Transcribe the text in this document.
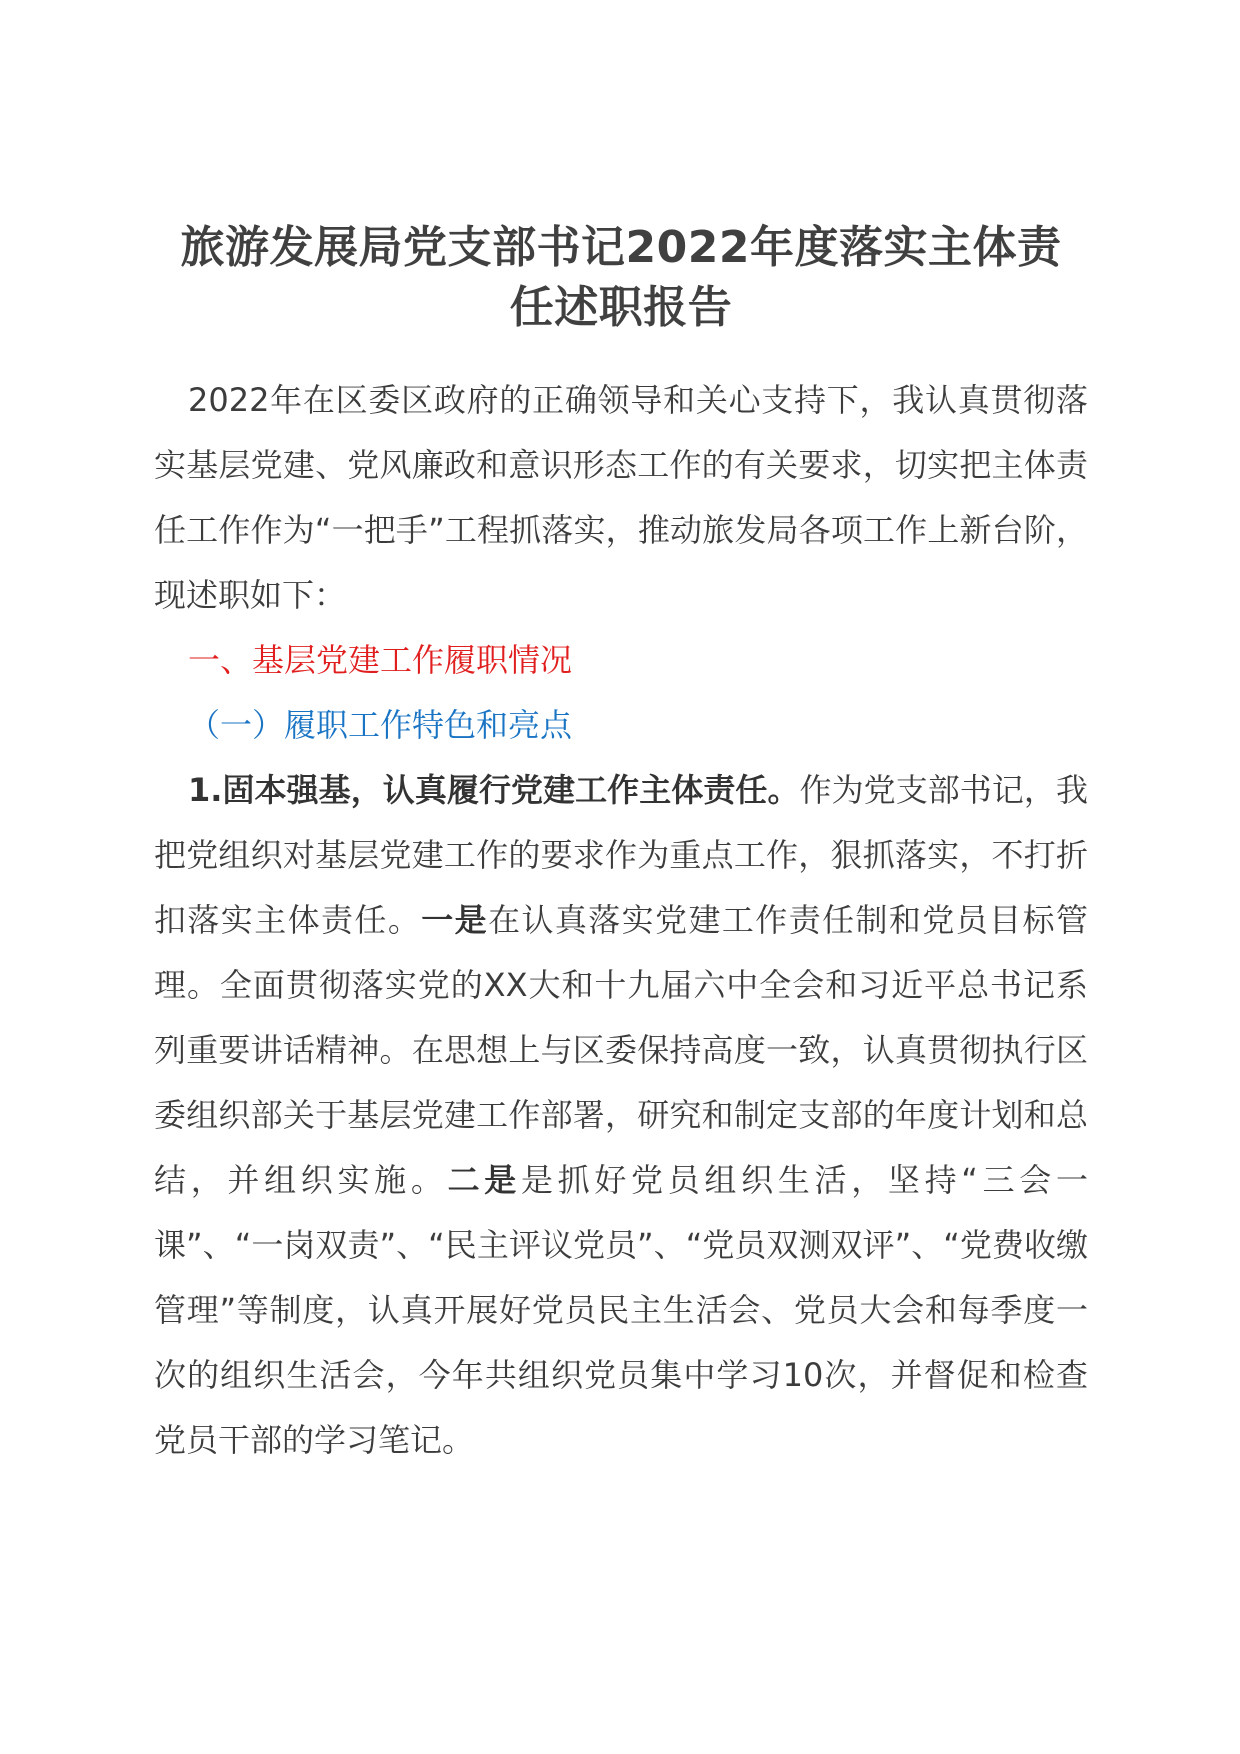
旅游发展局党支部书记2022年度落实主体责
任述职报告

2022年在区委区政府的正确领导和关心支持下，我认真贯彻落实基层党建、党风廉政和意识形态工作的有关要求，切实把主体责任工作作为“一把手”工程抓落实，推动旅发局各项工作上新台阶，现述职如下：

一、基层党建工作履职情况

（一）履职工作特色和亮点

1.固本强基，认真履行党建工作主体责任。作为党支部书记，我把党组织对基层党建工作的要求作为重点工作，狠抓落实，不打折扣落实主体责任。一是在认真落实党建工作责任制和党员目标管理。全面贯彻落实党的XX大和十九届六中全会和习近平总书记系列重要讲话精神。在思想上与区委保持高度一致，认真贯彻执行区委组织部关于基层党建工作部署，研究和制定支部的年度计划和总结，并组织实施。二是是抓好党员组织生活，坚持“三会一课”、“一岗双责”、“民主评议党员”、“党员双测双评”、“党费收缴管理”等制度，认真开展好党员民主生活会、党员大会和每季度一次的组织生活会，今年共组织党员集中学习10次，并督促和检查党员干部的学习笔记。
